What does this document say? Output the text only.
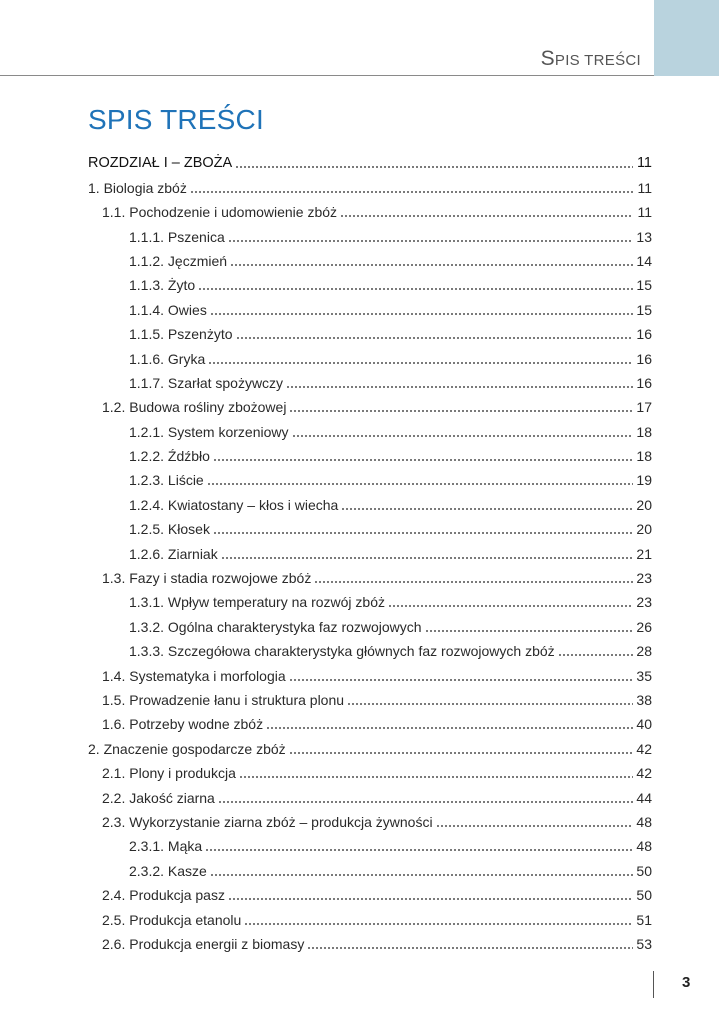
SPIS TREŚCI
SPIS TREŚCI
ROZDZIAŁ I – ZBOŻA	11
1. Biologia zbóż	11
1.1. Pochodzenie i udomowienie zbóż	11
1.1.1. Pszenica	13
1.1.2. Jęczmień	14
1.1.3. Żyto	15
1.1.4. Owies	15
1.1.5. Pszenżyto	16
1.1.6. Gryka	16
1.1.7. Szarłat spożywczy	16
1.2. Budowa rośliny zbożowej	17
1.2.1. System korzeniowy	18
1.2.2. Źdźbło	18
1.2.3. Liście	19
1.2.4. Kwiatostany – kłos i wiecha	20
1.2.5. Kłosek	20
1.2.6. Ziarniak	21
1.3. Fazy i stadia rozwojowe zbóż	23
1.3.1. Wpływ temperatury na rozwój zbóż	23
1.3.2. Ogólna charakterystyka faz rozwojowych	26
1.3.3. Szczegółowa charakterystyka głównych faz rozwojowych zbóż	28
1.4. Systematyka i morfologia	35
1.5. Prowadzenie łanu i struktura plonu	38
1.6. Potrzeby wodne zbóż	40
2. Znaczenie gospodarcze zbóż	42
2.1. Plony i produkcja	42
2.2. Jakość ziarna	44
2.3. Wykorzystanie ziarna zbóż – produkcja żywności	48
2.3.1. Mąka	48
2.3.2. Kasze	50
2.4. Produkcja pasz	50
2.5. Produkcja etanolu	51
2.6. Produkcja energii z biomasy	53
3
